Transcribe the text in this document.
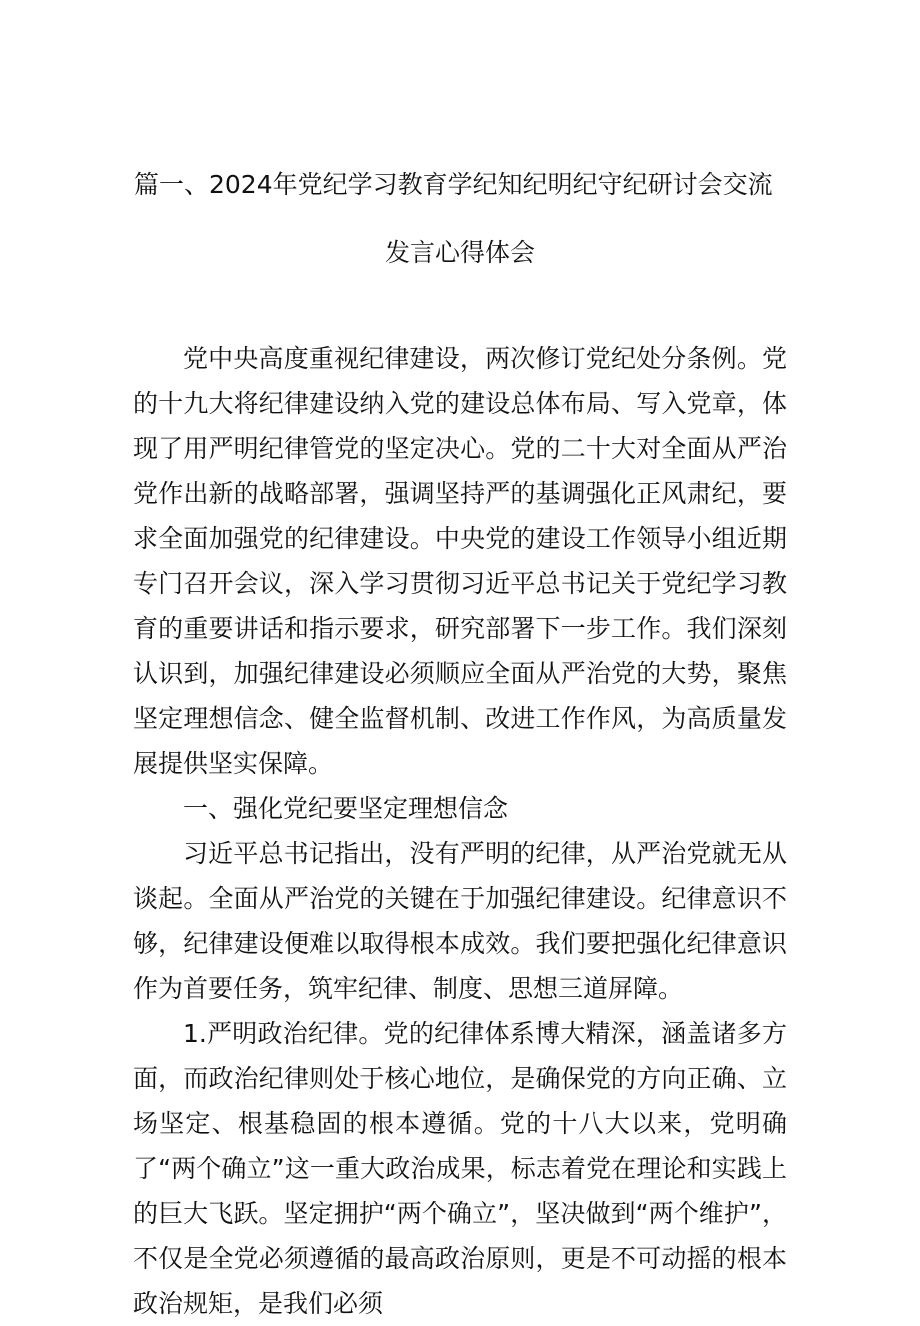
篇一、2024年党纪学习教育学纪知纪明纪守纪研讨会交流
发言心得体会

党中央高度重视纪律建设，两次修订党纪处分条例。党的十九大将纪律建设纳入党的建设总体布局、写入党章，体现了用严明纪律管党的坚定决心。党的二十大对全面从严治党作出新的战略部署，强调坚持严的基调强化正风肃纪，要求全面加强党的纪律建设。中央党的建设工作领导小组近期专门召开会议，深入学习贯彻习近平总书记关于党纪学习教育的重要讲话和指示要求，研究部署下一步工作。我们深刻认识到，加强纪律建设必须顺应全面从严治党的大势，聚焦坚定理想信念、健全监督机制、改进工作作风，为高质量发展提供坚实保障。

一、强化党纪要坚定理想信念

习近平总书记指出，没有严明的纪律，从严治党就无从谈起。全面从严治党的关键在于加强纪律建设。纪律意识不够，纪律建设便难以取得根本成效。我们要把强化纪律意识作为首要任务，筑牢纪律、制度、思想三道屏障。

1.严明政治纪律。党的纪律体系博大精深，涵盖诸多方面，而政治纪律则处于核心地位，是确保党的方向正确、立场坚定、根基稳固的根本遵循。党的十八大以来，党明确了“两个确立”这一重大政治成果，标志着党在理论和实践上的巨大飞跃。坚定拥护“两个确立”，坚决做到“两个维护”，不仅是全党必须遵循的最高政治原则，更是不可动摇的根本政治规矩，是我们必须
